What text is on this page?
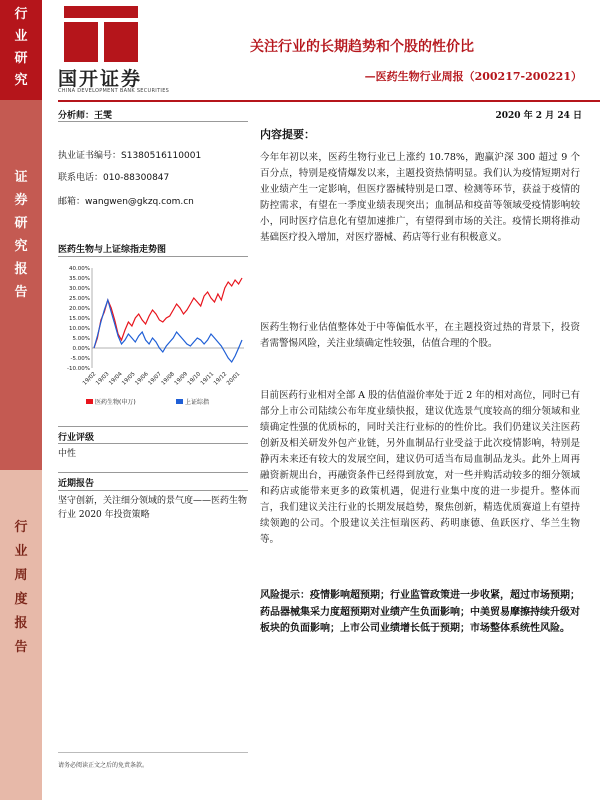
行
业
研
究
证
券
研
究
报
告
行
业
周
度
报
告
国开证券
CHINA DEVELOPMENT BANK SECURITIES
关注行业的长期趋势和个股的性价比
—医药生物行业周报（200217-200221）
2020 年 2 月 24 日
分析师：王雯
执业证书编号：S1380516110001
联系电话：010-88300847
邮箱：wangwen@gkzq.com.cn
医药生物与上证综指走势图
40.00%
35.00%
30.00%
25.00%
20.00%
15.00%
10.00%
5.00%
0.00%
-5.00%
-10.00%
19/02
19/03
19/04
19/05
19/06
19/07
19/08
19/09
19/10
19/11
19/12
20/01
医药生物(申万)	上证综指
行业评级
中性
近期报告
坚守创新，关注细分领域的景气度——医药生物行业 2020 年投资策略
请务必阅读正文之后的免责条款。
内容提要：
今年年初以来，医药生物行业已上涨约 10.78%，跑赢沪深 300 超过 9 个百分点，特别是疫情爆发以来，主题投资热情明显。我们认为疫情短期对行业业绩产生一定影响，但医疗器械特别是口罩、检测等环节，获益于疫情的防控需求，有望在一季度业绩表现突出；血制品和疫苗等领域受疫情影响较小，同时医疗信息化有望加速推广，有望得到市场的关注。疫情长期将推动基础医疗投入增加，对医疗器械、药店等行业有积极意义。
医药生物行业估值整体处于中等偏低水平，在主题投资过热的背景下，投资者需警惕风险，关注业绩确定性较强，估值合理的个股。
目前医药行业相对全部 A 股的估值溢价率处于近 2 年的相对高位，同时已有部分上市公司陆续公布年度业绩快报，建议优选景气度较高的细分领域和业绩确定性强的优质标的，同时关注行业标的的性价比。我们仍建议关注医药创新及相关研发外包产业链，另外血制品行业受益于此次疫情影响，特别是静丙未来还有较大的发展空间，建议仍可适当布局血制品龙头。此外上周再融资新规出台，再融资条件已经得到放宽，对一些并购活动较多的细分领域和药店或能带来更多的政策机遇，促进行业集中度的进一步提升。整体而言，我们建议关注行业的长期发展趋势，聚焦创新，精选优质赛道上有望持续领跑的公司。个股建议关注恒瑞医药、药明康德、鱼跃医疗、华兰生物等。
风险提示：疫情影响超预期；行业监管政策进一步收紧，超过市场预期；药品器械集采力度超预期对业绩产生负面影响；中美贸易摩擦持续升级对板块的负面影响；上市公司业绩增长低于预期；市场整体系统性风险。
